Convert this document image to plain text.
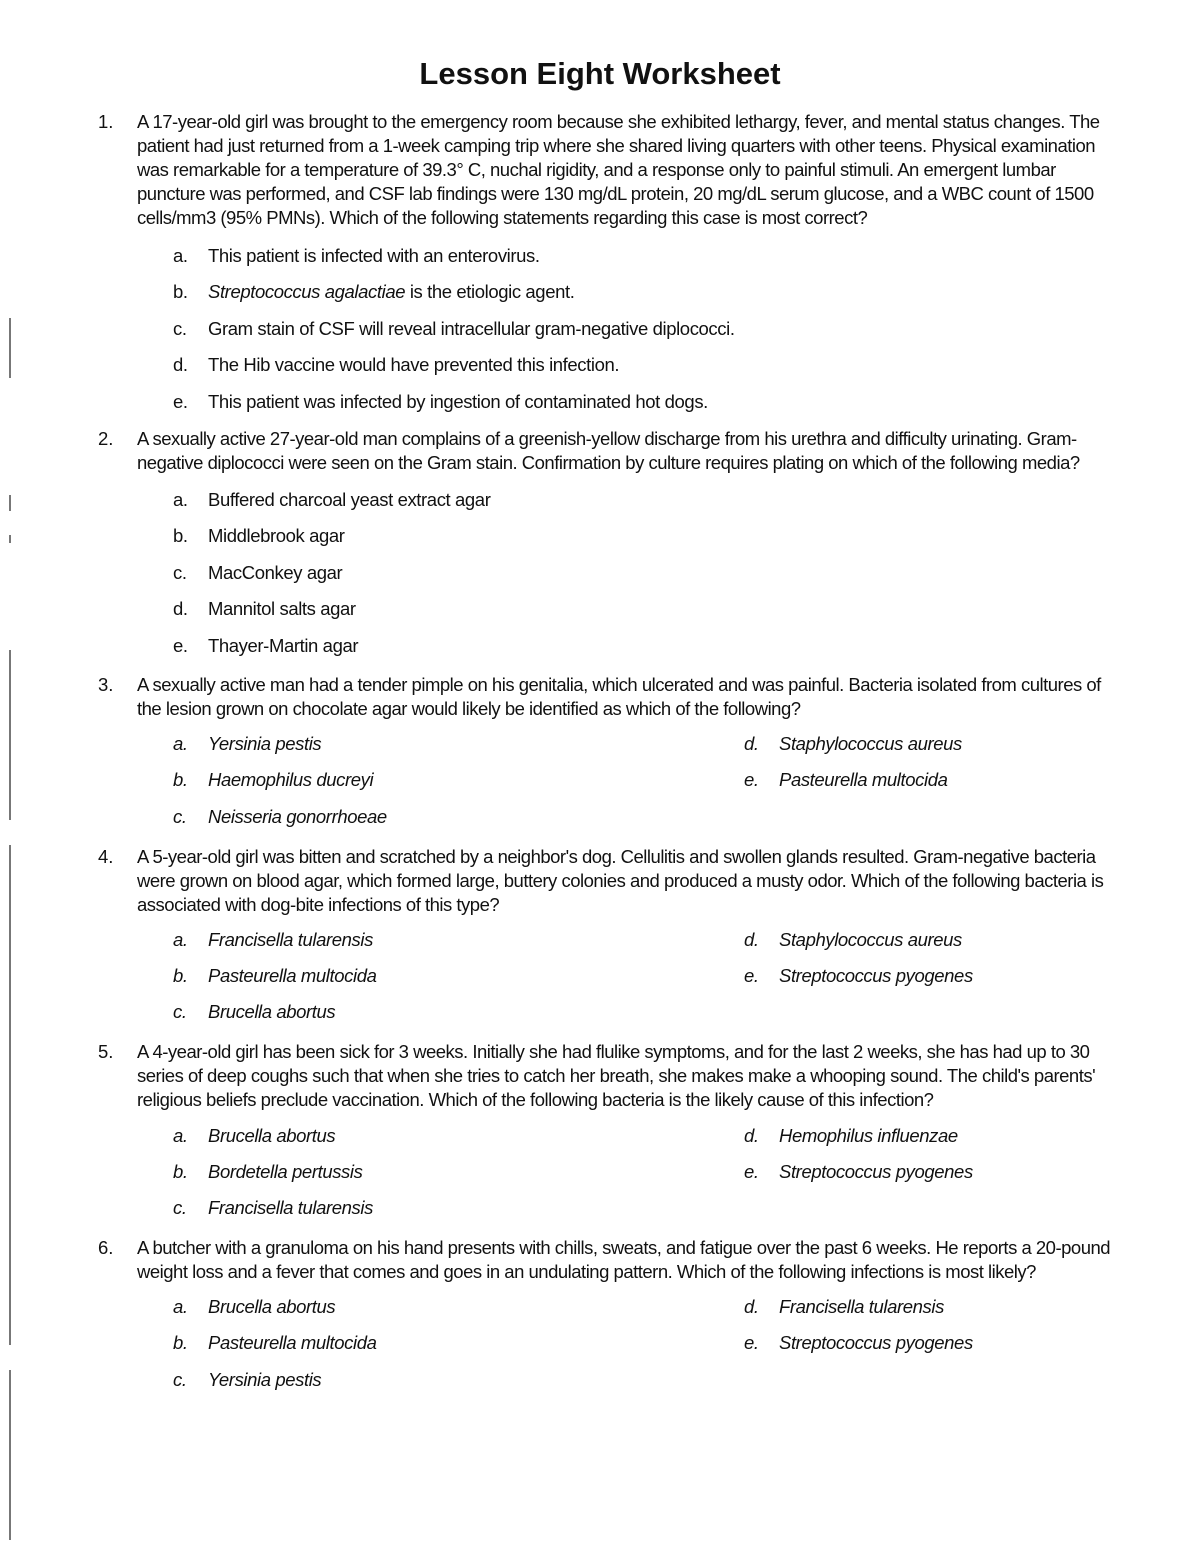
Lesson Eight Worksheet
1. A 17-year-old girl was brought to the emergency room because she exhibited lethargy, fever, and mental status changes. The
patient had just returned from a 1-week camping trip where she shared living quarters with other teens. Physical examination
was remarkable for a temperature of 39.3° C, nuchal rigidity, and a response only to painful stimuli. An emergent lumbar
puncture was performed, and CSF lab findings were 130 mg/dL protein, 20 mg/dL serum glucose, and a WBC count of 1500
cells/mm3 (95% PMNs). Which of the following statements regarding this case is most correct?
a. This patient is infected with an enterovirus.
b. Streptococcus agalactiae is the etiologic agent.
c. Gram stain of CSF will reveal intracellular gram-negative diplococci.
d. The Hib vaccine would have prevented this infection.
e. This patient was infected by ingestion of contaminated hot dogs.
2. A sexually active 27-year-old man complains of a greenish-yellow discharge from his urethra and difficulty urinating. Gram-
negative diplococci were seen on the Gram stain. Confirmation by culture requires plating on which of the following media?
a. Buffered charcoal yeast extract agar
b. Middlebrook agar
c. MacConkey agar
d. Mannitol salts agar
e. Thayer-Martin agar
3. A sexually active man had a tender pimple on his genitalia, which ulcerated and was painful. Bacteria isolated from cultures of
the lesion grown on chocolate agar would likely be identified as which of the following?
a. Yersinia pestis
b. Haemophilus ducreyi
c. Neisseria gonorrhoeae
d. Staphylococcus aureus
e. Pasteurella multocida
4. A 5-year-old girl was bitten and scratched by a neighbor's dog. Cellulitis and swollen glands resulted. Gram-negative bacteria
were grown on blood agar, which formed large, buttery colonies and produced a musty odor. Which of the following bacteria is
associated with dog-bite infections of this type?
a. Francisella tularensis
b. Pasteurella multocida
c. Brucella abortus
d. Staphylococcus aureus
e. Streptococcus pyogenes
5. A 4-year-old girl has been sick for 3 weeks. Initially she had flulike symptoms, and for the last 2 weeks, she has had up to 30
series of deep coughs such that when she tries to catch her breath, she makes make a whooping sound. The child's parents'
religious beliefs preclude vaccination. Which of the following bacteria is the likely cause of this infection?
a. Brucella abortus
b. Bordetella pertussis
c. Francisella tularensis
d. Hemophilus influenzae
e. Streptococcus pyogenes
6. A butcher with a granuloma on his hand presents with chills, sweats, and fatigue over the past 6 weeks. He reports a 20-pound
weight loss and a fever that comes and goes in an undulating pattern. Which of the following infections is most likely?
a. Brucella abortus
b. Pasteurella multocida
c. Yersinia pestis
d. Francisella tularensis
e. Streptococcus pyogenes
